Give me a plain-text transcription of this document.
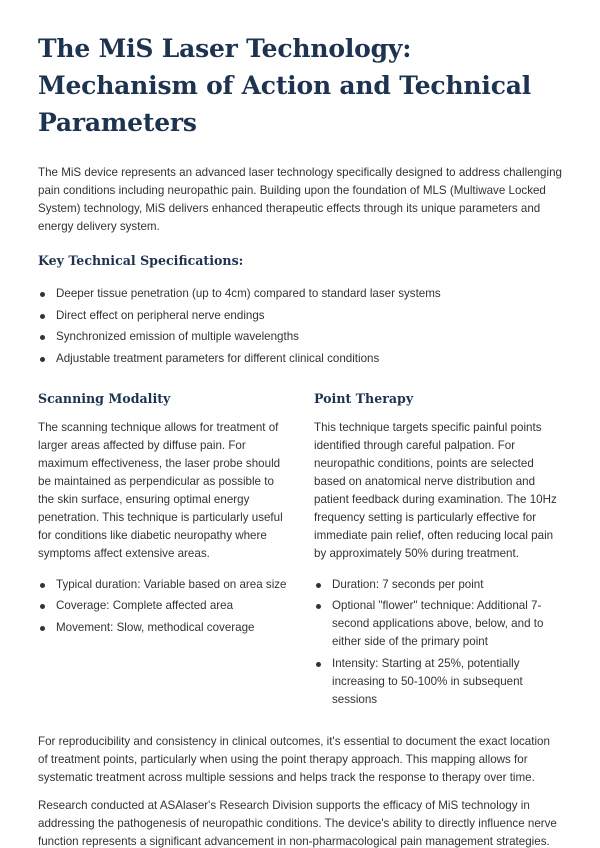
The MiS Laser Technology: Mechanism of Action and Technical Parameters

The MiS device represents an advanced laser technology specifically designed to address challenging pain conditions including neuropathic pain. Building upon the foundation of MLS (Multiwave Locked System) technology, MiS delivers enhanced therapeutic effects through its unique parameters and energy delivery system.

Key Technical Specifications:
Deeper tissue penetration (up to 4cm) compared to standard laser systems
Direct effect on peripheral nerve endings
Synchronized emission of multiple wavelengths
Adjustable treatment parameters for different clinical conditions
Scanning Modality

The scanning technique allows for treatment of larger areas affected by diffuse pain. For maximum effectiveness, the laser probe should be maintained as perpendicular as possible to the skin surface, ensuring optimal energy penetration. This technique is particularly useful for conditions like diabetic neuropathy where symptoms affect extensive areas.

Typical duration: Variable based on area size
Coverage: Complete affected area
Movement: Slow, methodical coverage
Point Therapy

This technique targets specific painful points identified through careful palpation. For neuropathic conditions, points are selected based on anatomical nerve distribution and patient feedback during examination. The 10Hz frequency setting is particularly effective for immediate pain relief, often reducing local pain by approximately 50% during treatment.

Duration: 7 seconds per point
Optional "flower" technique: Additional 7-second applications above, below, and to either side of the primary point
Intensity: Starting at 25%, potentially increasing to 50-100% in subsequent sessions

For reproducibility and consistency in clinical outcomes, it's essential to document the exact location of treatment points, particularly when using the point therapy approach. This mapping allows for systematic treatment across multiple sessions and helps track the response to therapy over time.

Research conducted at ASAlaser's Research Division supports the efficacy of MiS technology in addressing the pathogenesis of neuropathic conditions. The device's ability to directly influence nerve function represents a significant advancement in non-pharmacological pain management strategies.
